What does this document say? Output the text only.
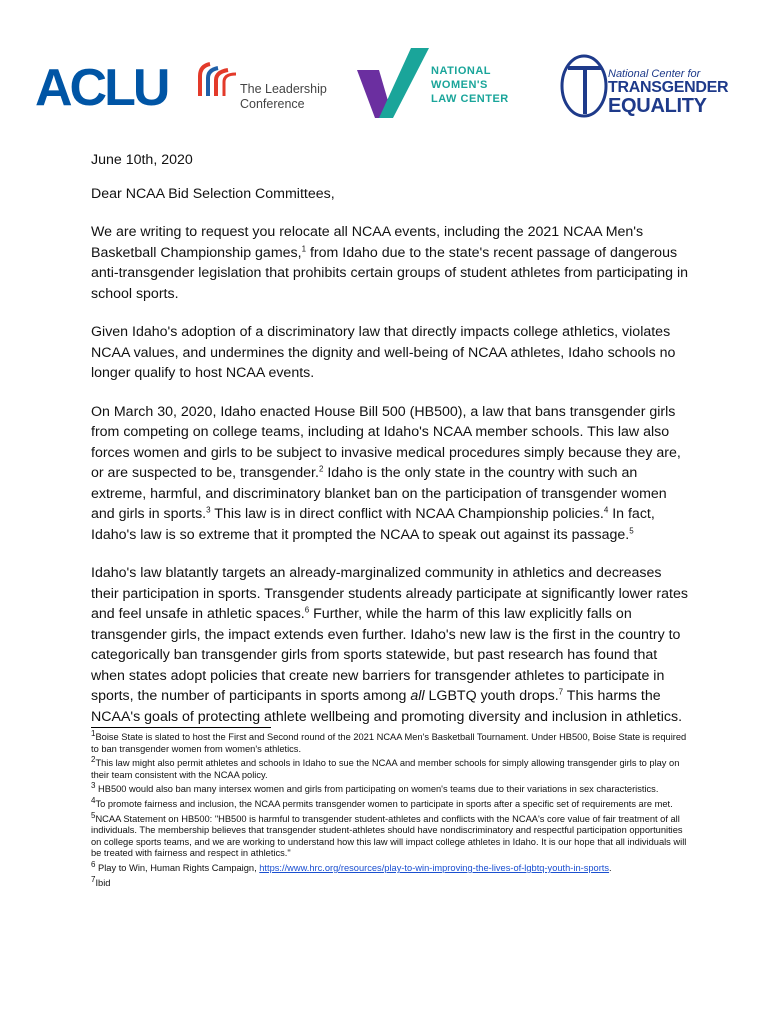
ACLU	The Leadership
Conference
NATIONAL
WOMEN'S
LAW CENTER
National Center for
TRANSGENDER
EQUALITY

June 10th, 2020

Dear NCAA Bid Selection Committees,

We are writing to request you relocate all NCAA events, including the 2021 NCAA Men's Basketball Championship games,$^1$ from Idaho due to the state's recent passage of dangerous anti-transgender legislation that prohibits certain groups of student athletes from participating in school sports.

Given Idaho's adoption of a discriminatory law that directly impacts college athletics, violates NCAA values, and undermines the dignity and well-being of NCAA athletes, Idaho schools no longer qualify to host NCAA events.

On March 30, 2020, Idaho enacted House Bill 500 (HB500), a law that bans transgender girls from competing on college teams, including at Idaho's NCAA member schools. This law also forces women and girls to be subject to invasive medical procedures simply because they are, or are suspected to be, transgender.$^2$ Idaho is the only state in the country with such an extreme, harmful, and discriminatory blanket ban on the participation of transgender women and girls in sports.$^3$ This law is in direct conflict with NCAA Championship policies.$^4$ In fact, Idaho's law is so extreme that it prompted the NCAA to speak out against its passage.$^5$

Idaho's law blatantly targets an already-marginalized community in athletics and decreases their participation in sports. Transgender students already participate at significantly lower rates and feel unsafe in athletic spaces.$^6$ Further, while the harm of this law explicitly falls on transgender girls, the impact extends even further. Idaho's new law is the first in the country to categorically ban transgender girls from sports statewide, but past research has found that when states adopt policies that create new barriers for transgender athletes to participate in sports, the number of participants in sports among all LGBTQ youth drops.$^7$ This harms the NCAA's goals of protecting athlete wellbeing and promoting diversity and inclusion in athletics.

$^1$Boise State is slated to host the First and Second round of the 2021 NCAA Men's Basketball Tournament. Under HB500, Boise State is required to ban transgender women from women's athletics.

$^2$This law might also permit athletes and schools in Idaho to sue the NCAA and member schools for simply allowing transgender girls to play on their team consistent with the NCAA policy.

$^3$ HB500 would also ban many intersex women and girls from participating on women's teams due to their variations in sex characteristics.

$^4$To promote fairness and inclusion, the NCAA permits transgender women to participate in sports after a specific set of requirements are met.

$^5$NCAA Statement on HB500: "HB500 is harmful to transgender student-athletes and conflicts with the NCAA's core value of fair treatment of all individuals. The membership believes that transgender student-athletes should have nondiscriminatory and respectful participation opportunities on college sports teams, and we are working to understand how this law will impact college athletes in Idaho. It is our hope that all individuals will be treated with fairness and respect in athletics."

$^6$ Play to Win, Human Rights Campaign, https://www.hrc.org/resources/play-to-win-improving-the-lives-of-lgbtq-youth-in-sports.

$^7$Ibid
